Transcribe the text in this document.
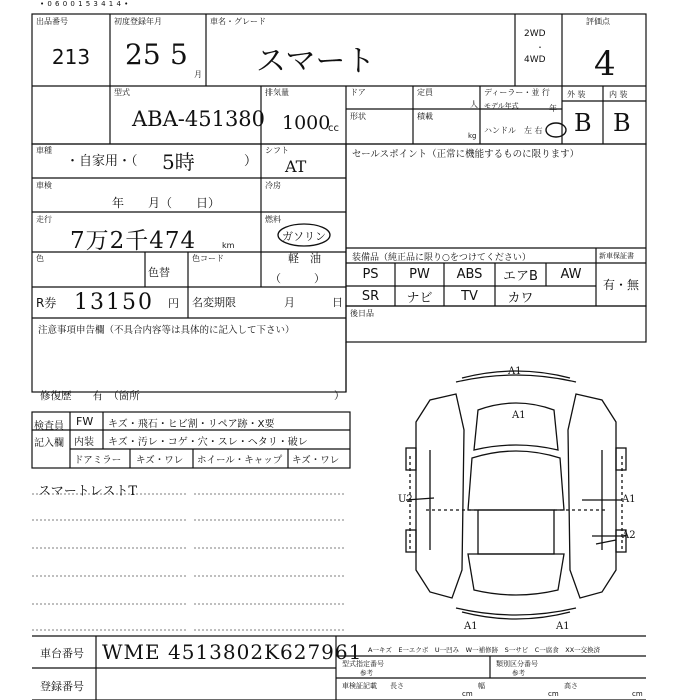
• 0 6 0 0 1 5 3 4 1 4 •
出品番号
213
初度登録年月
25 5
月
車名・グレード
スマート
2WD
・
4WD
評価点
4
型式
ABA-451380
排気量
1000
cc
ドア	定員
人
ディーラー・並 行
モデル年式	年
形状	積載
kg
ハンドル 左 右
外 装	内 装
B B
車種
・自家用・（ 5時	）
シフト
AT
車検
年　　月（　　日）
冷房
走行
7万2千474	km
燃料
ガソリン
軽　油
（　　　）
色
色替
色コード
R券 13150 円 名変期限	月	日
注意事項申告欄（不具合内容等は具体的に記入して下さい）
修復歴　　有　（箇所	）
セールスポイント（正常に機能するものに限ります）
装備品（純正品に限り○をつけてください）	新車保証書
PS	PW	ABS	エアB	AW
SR	ナビ	TV	カワ
有・無
後日品
検査員
記入欄
FW キズ・飛石・ヒビ割・リペア跡・X要
内装 キズ・汚レ・コゲ・穴・スレ・ヘタリ・破レ
ドアミラー キズ・ワレ ホイール・キャップ キズ・ワレ
スマートレストT
A1
A1
U2	A1
A2
A1	A1
車台番号 WME 4513802K627961
登録番号
A一キズ　E一エクボ　U一凹み　W一補修跡　S一サビ　C一腐食　XX一交換済
型式指定番号
参考
類別区分番号
参考
車検証記載 長さ
cm
幅
cm
高さ
cm
